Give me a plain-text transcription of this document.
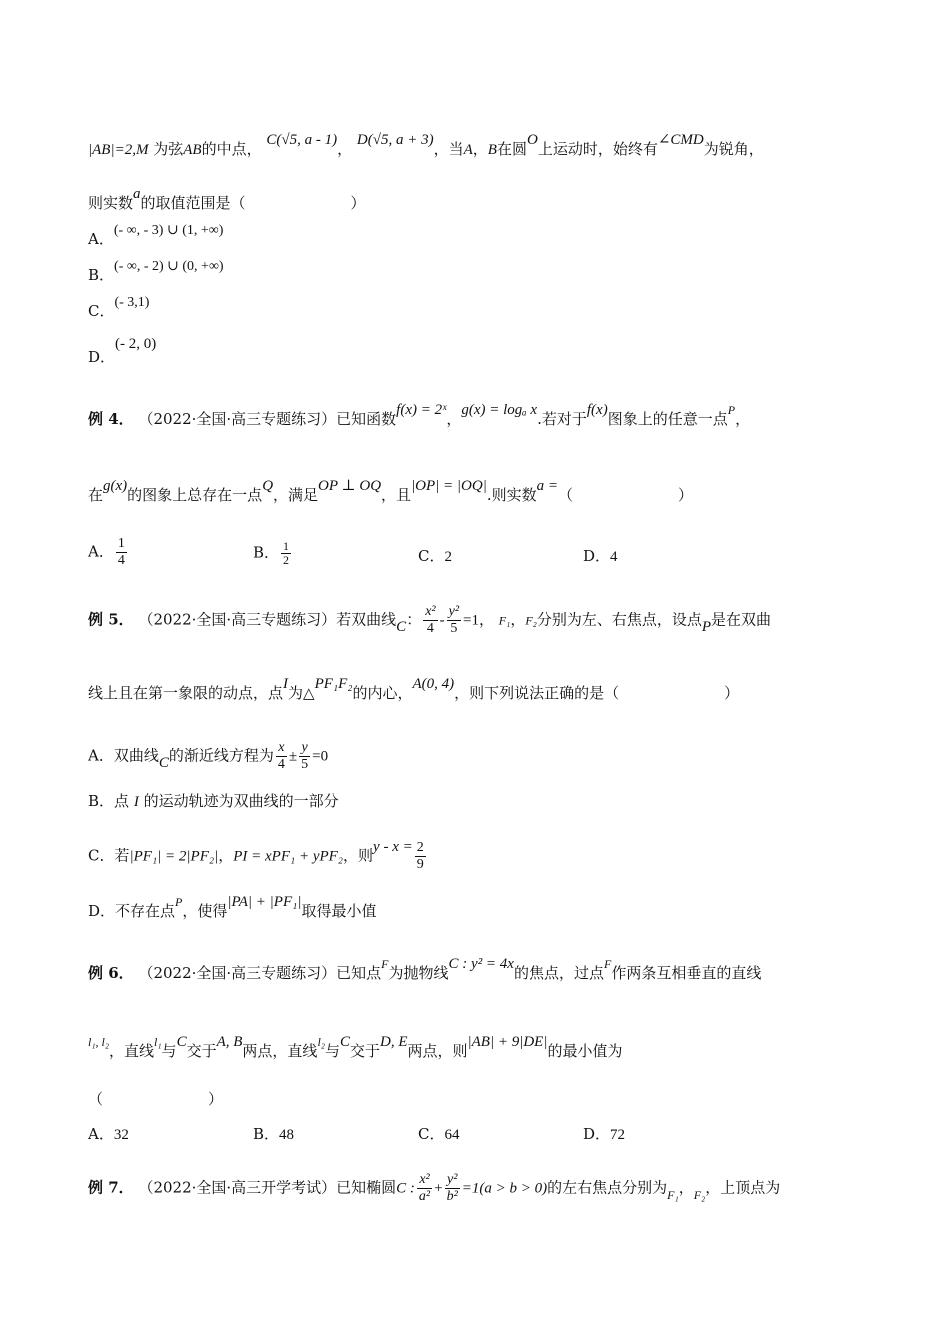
|AB|=2,M 为弦AB的中点， C(√5, a - 1)， D(√5, a + 3)，当A，B在圆O上运动时，始终有∠CMD为锐角，
则实数a的取值范围是（　　　　　　　）
A．(- ∞, - 3) ∪ (1, +∞)
B．(- ∞, - 2) ∪ (0, +∞)
C．(- 3,1)
D．(- 2, 0)
例 4． （2022·全国·高三专题练习）已知函数f(x) = 2ˣ，g(x) = logₐ x.若对于f(x)图象上的任意一点$^P$，
在g(x)的图象上总存在一点Q，满足OP ⊥ OQ，且|OP| = |OQ|.则实数a =（　　　　　　　）
A． $\frac{1}{4}$	B． $\frac{1}{2}$	C．2	D．4
例 5． （2022·全国·高三专题练习）若双曲线C： $\frac{\text{x²}}{4} - \frac{\text{y²}}{5} =1$， F₁，F₂分别为左、右焦点，设点P是在双曲
线上且在第一象限的动点，点I为△PF₁F₂的内心，A(0, 4)，则下列说法正确的是（　　　　　　　）
A．双曲线C的渐近线方程为 $\frac{x}{4} \pm \frac{y}{5} =0$
B．点 I 的运动轨迹为双曲线的一部分
C．若|PF₁| = 2|PF₂|，PI = xPF₁ + yPF₂，则$y - x = \frac{2}{9}$
D．不存在点$^P$，使得|PA| + |PF₁|取得最小值
例 6． （2022·全国·高三专题练习）已知点$^F$为抛物线C : y² = 4x的焦点，过点$^F$作两条互相垂直的直线
$^{l_1, l_2}$，直线$^{l_1}$与C交于A, B两点，直线$^{l_2}$与C交于D, E两点，则|AB| + 9|DE|的最小值为
（　　　　　　　）
A．32	B．48	C．64	D．72
例 7． （2022·全国·高三开学考试）已知椭圆C : $\frac{\text{x²}}{\text{a²}} + \frac{\text{y²}}{\text{b²}} =1(a > b > 0)$的左右焦点分别为$_{F_1}$，$_{F_2}$，上顶点为
